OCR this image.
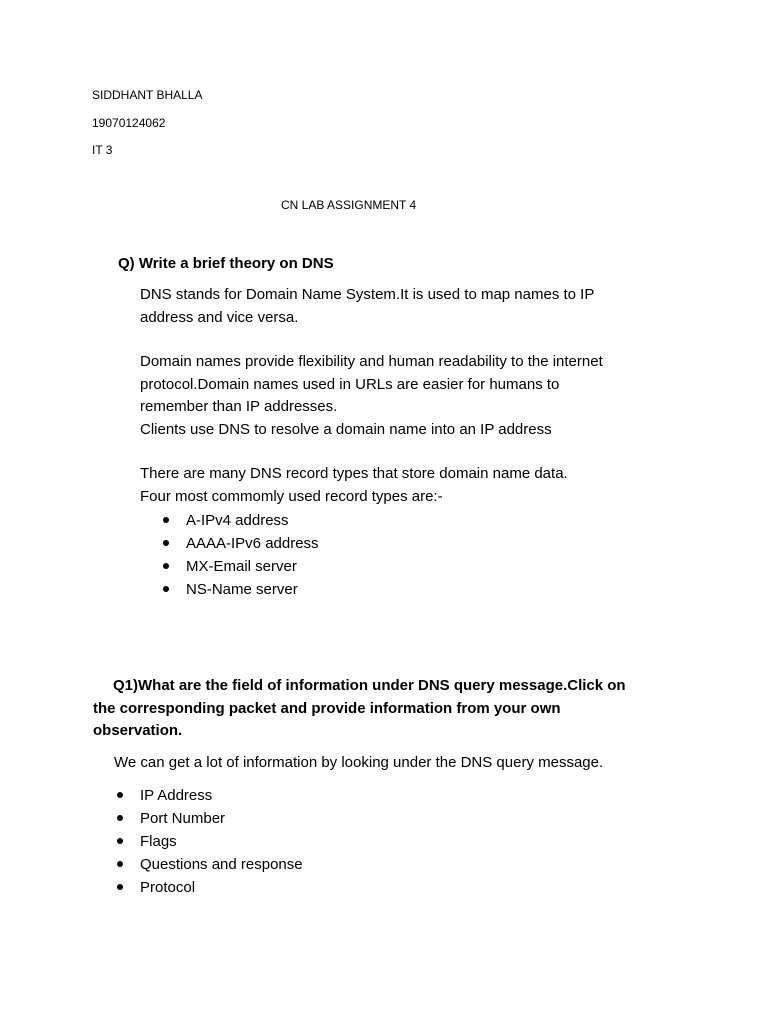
SIDDHANT BHALLA
19070124062
IT 3
CN LAB ASSIGNMENT 4
Q) Write a brief theory on DNS
DNS stands for Domain Name System.It is used to map names to IP
address and vice versa.
Domain names provide flexibility and human readability to the internet
protocol.Domain names used in URLs are easier for humans to
remember than IP addresses.
Clients use DNS to resolve a domain name into an IP address
There are many DNS record types that store domain name data.
Four most commomly used record types are:-
A-IPv4 address
AAAA-IPv6 address
MX-Email server
NS-Name server
Q1)What are the field of information under DNS query message.Click on
the corresponding packet and provide information from your own
observation.
We can get a lot of information by looking under the DNS query message.
IP Address
Port Number
Flags
Questions and response
Protocol
